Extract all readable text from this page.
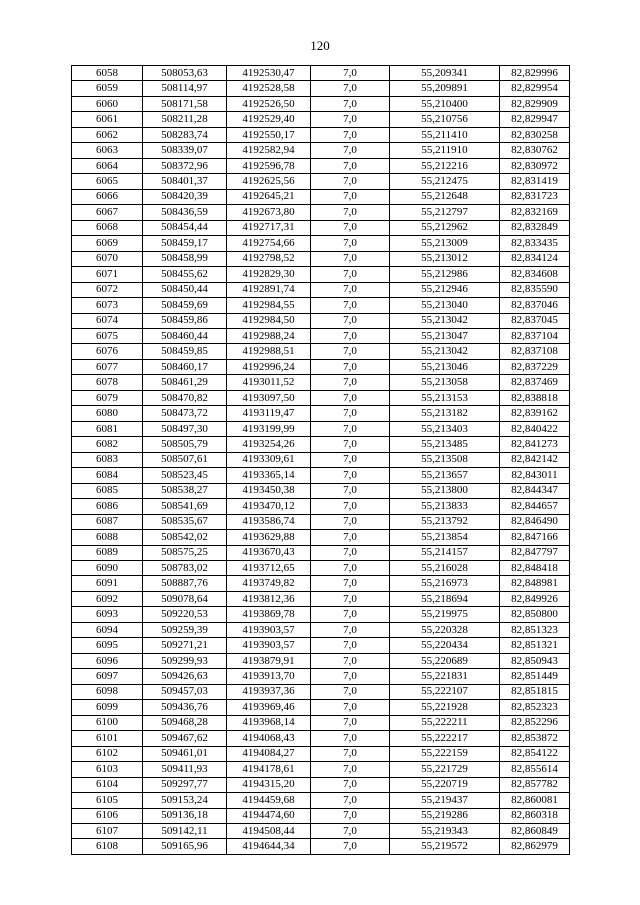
120
6058	508053,63	4192530,47	7,0	55,209341	82,829996
6059	508114,97	4192528,58	7,0	55,209891	82,829954
6060	508171,58	4192526,50	7,0	55,210400	82,829909
6061	508211,28	4192529,40	7,0	55,210756	82,829947
6062	508283,74	4192550,17	7,0	55,211410	82,830258
6063	508339,07	4192582,94	7,0	55,211910	82,830762
6064	508372,96	4192596,78	7,0	55,212216	82,830972
6065	508401,37	4192625,56	7,0	55,212475	82,831419
6066	508420,39	4192645,21	7,0	55,212648	82,831723
6067	508436,59	4192673,80	7,0	55,212797	82,832169
6068	508454,44	4192717,31	7,0	55,212962	82,832849
6069	508459,17	4192754,66	7,0	55,213009	82,833435
6070	508458,99	4192798,52	7,0	55,213012	82,834124
6071	508455,62	4192829,30	7,0	55,212986	82,834608
6072	508450,44	4192891,74	7,0	55,212946	82,835590
6073	508459,69	4192984,55	7,0	55,213040	82,837046
6074	508459,86	4192984,50	7,0	55,213042	82,837045
6075	508460,44	4192988,24	7,0	55,213047	82,837104
6076	508459,85	4192988,51	7,0	55,213042	82,837108
6077	508460,17	4192996,24	7,0	55,213046	82,837229
6078	508461,29	4193011,52	7,0	55,213058	82,837469
6079	508470,82	4193097,50	7,0	55,213153	82,838818
6080	508473,72	4193119,47	7,0	55,213182	82,839162
6081	508497,30	4193199,99	7,0	55,213403	82,840422
6082	508505,79	4193254,26	7,0	55,213485	82,841273
6083	508507,61	4193309,61	7,0	55,213508	82,842142
6084	508523,45	4193365,14	7,0	55,213657	82,843011
6085	508538,27	4193450,38	7,0	55,213800	82,844347
6086	508541,69	4193470,12	7,0	55,213833	82,844657
6087	508535,67	4193586,74	7,0	55,213792	82,846490
6088	508542,02	4193629,88	7,0	55,213854	82,847166
6089	508575,25	4193670,43	7,0	55,214157	82,847797
6090	508783,02	4193712,65	7,0	55,216028	82,848418
6091	508887,76	4193749,82	7,0	55,216973	82,848981
6092	509078,64	4193812,36	7,0	55,218694	82,849926
6093	509220,53	4193869,78	7,0	55,219975	82,850800
6094	509259,39	4193903,57	7,0	55,220328	82,851323
6095	509271,21	4193903,57	7,0	55,220434	82,851321
6096	509299,93	4193879,91	7,0	55,220689	82,850943
6097	509426,63	4193913,70	7,0	55,221831	82,851449
6098	509457,03	4193937,36	7,0	55,222107	82,851815
6099	509436,76	4193969,46	7,0	55,221928	82,852323
6100	509468,28	4193968,14	7,0	55,222211	82,852296
6101	509467,62	4194068,43	7,0	55,222217	82,853872
6102	509461,01	4194084,27	7,0	55,222159	82,854122
6103	509411,93	4194178,61	7,0	55,221729	82,855614
6104	509297,77	4194315,20	7,0	55,220719	82,857782
6105	509153,24	4194459,68	7,0	55,219437	82,860081
6106	509136,18	4194474,60	7,0	55,219286	82,860318
6107	509142,11	4194508,44	7,0	55,219343	82,860849
6108	509165,96	4194644,34	7,0	55,219572	82,862979
